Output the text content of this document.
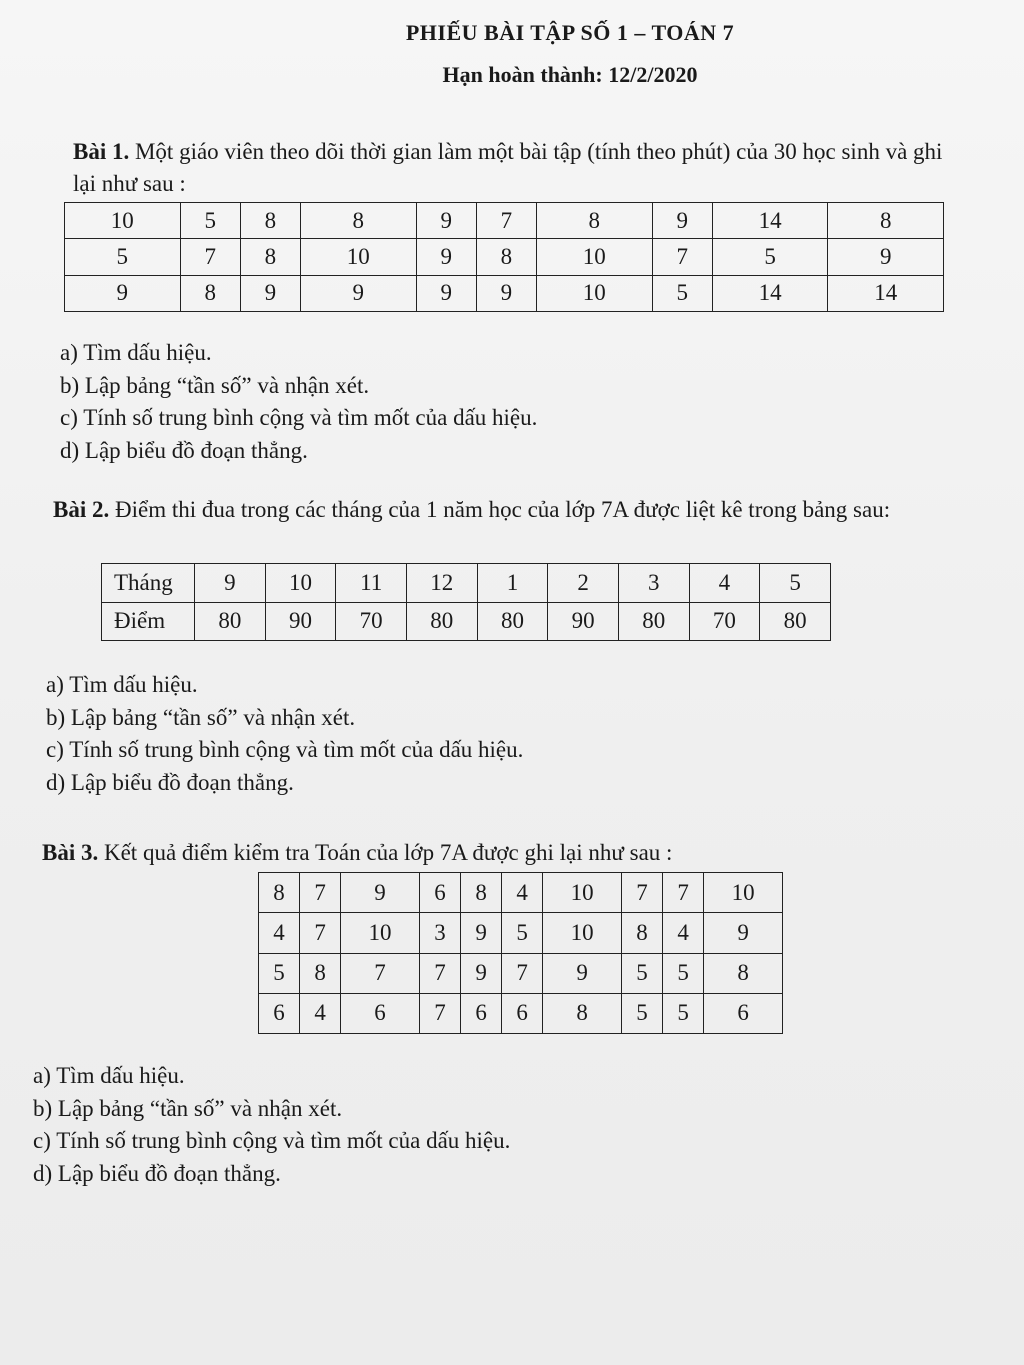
PHIẾU BÀI TẬP SỐ 1 – TOÁN 7
Hạn hoàn thành: 12/2/2020
Bài 1. Một giáo viên theo dõi thời gian làm một bài tập (tính theo phút) của 30 học sinh và ghi lại như sau :
10	5	8	8	9	7	8	9	14	8
5	7	8	10	9	8	10	7	5	9
9	8	9	9	9	9	10	5	14	14
a) Tìm dấu hiệu.
b) Lập bảng “tần số” và nhận xét.
c) Tính số trung bình cộng và tìm mốt của dấu hiệu.
d) Lập biểu đồ đoạn thẳng.
Bài 2. Điểm thi đua trong các tháng của 1 năm học của lớp 7A được liệt kê trong bảng sau:
Tháng	9	10	11	12	1	2	3	4	5
Điểm	80	90	70	80	80	90	80	70	80
a) Tìm dấu hiệu.
b) Lập bảng “tần số” và nhận xét.
c) Tính số trung bình cộng và tìm mốt của dấu hiệu.
d) Lập biểu đồ đoạn thẳng.
Bài 3. Kết quả điểm kiểm tra Toán của lớp 7A được ghi lại như sau :
8	7	9	6	8	4	10	7	7	10
4	7	10	3	9	5	10	8	4	9
5	8	7	7	9	7	9	5	5	8
6	4	6	7	6	6	8	5	5	6
a) Tìm dấu hiệu.
b) Lập bảng “tần số” và nhận xét.
c) Tính số trung bình cộng và tìm mốt của dấu hiệu.
d) Lập biểu đồ đoạn thẳng.
